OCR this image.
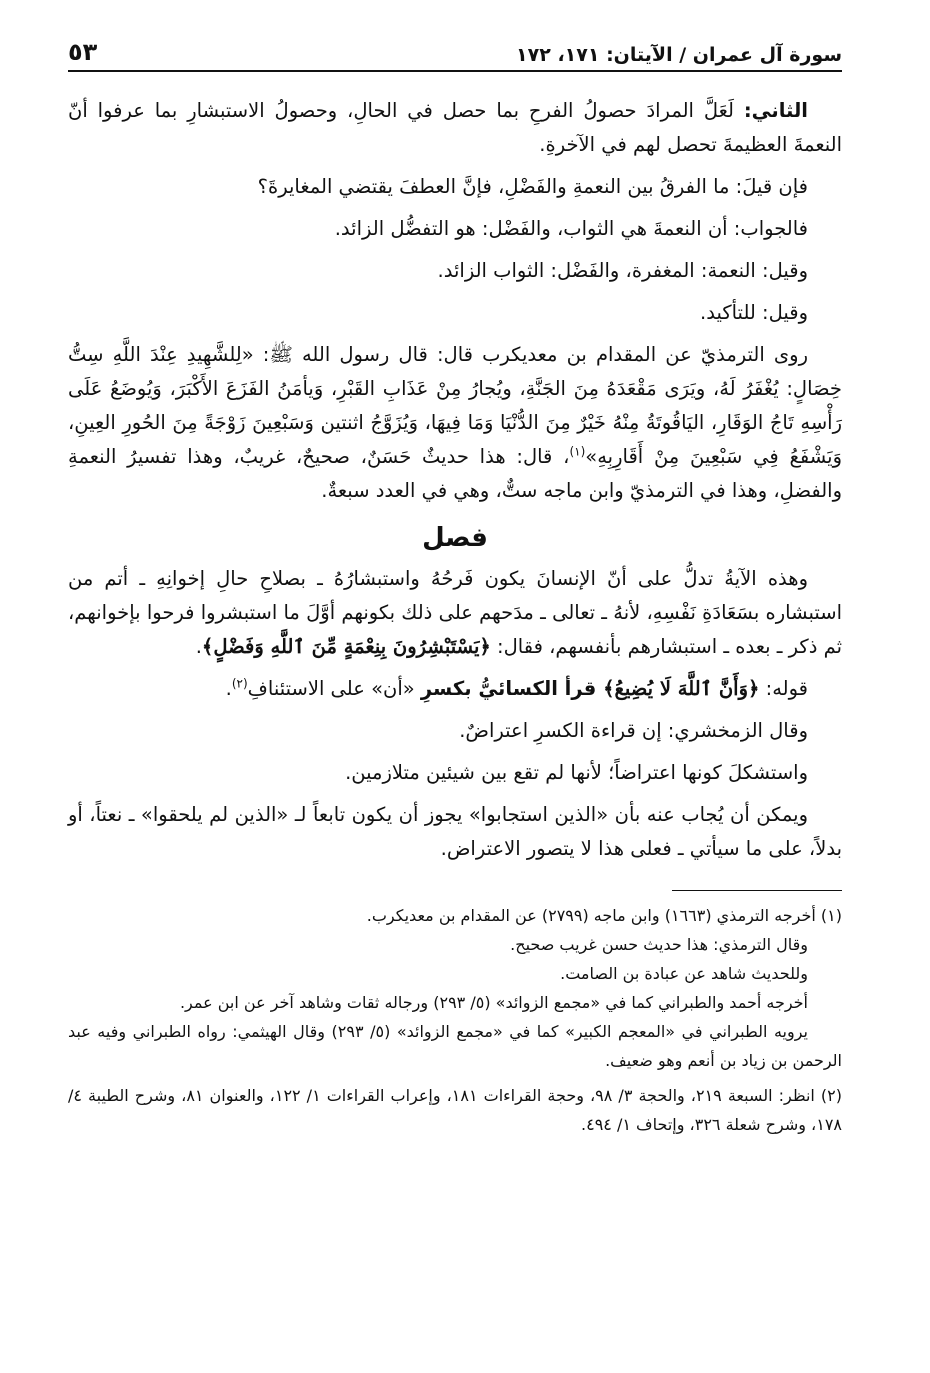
سورة آل عمران / الآيتان: ١٧١، ١٧٢
٥٣

الثاني: لَعَلَّ المرادَ حصولُ الفرحِ بما حصل في الحالِ، وحصولُ الاستبشارِ بما عرفوا أنّ النعمةَ العظيمةَ تحصل لهم في الآخرةِ.

فإن قيلَ: ما الفرقُ بين النعمةِ والفَضْلِ، فإنَّ العطفَ يقتضي المغايرةَ؟

فالجواب: أن النعمةَ هي الثواب، والفَضْل: هو التفضُّل الزائد.

وقيل: النعمة: المغفرة، والفَضْل: الثواب الزائد.

وقيل: للتأكيد.

روى الترمذيّ عن المقدام بن معديكرب قال: قال رسول الله ﷺ: «لِلشَّهِيدِ عِنْدَ اللَّهِ سِتُّ خِصَالٍ: يُغْفَرُ لَهُ، ويَرَى مَقْعَدَهُ مِنَ الجَنَّةِ، ويُجارُ مِنْ عَذَابِ القَبْرِ، وَيأمَنُ الفَزَعَ الأَكْبَرَ، وَيُوضَعُ عَلَى رَأْسِهِ تَاجُ الوَقَارِ، اليَاقُوتَةُ مِنْهُ خَيْرٌ مِنَ الدُّنْيَا وَمَا فِيهَا، وَيُزَوَّجُ اثنتين وَسَبْعِينَ زَوْجَةً مِنَ الحُورِ العِينِ، وَيَشْفَعُ فِي سَبْعِينَ مِنْ أَقَارِبِهِ»$^{(١)}$، قال: هذا حديثٌ حَسَنٌ، صحيحٌ، غريبٌ، وهذا تفسيرُ النعمةِ والفضلِ، وهذا في الترمذيّ وابن ماجه ستٌّ، وهي في العدد سبعةٌ.

فصل

وهذه الآيةُ تدلُّ على أنّ الإنسانَ يكون فَرحُهُ واستبشارُهُ ـ بصلاحِ حالِ إخوانِهِ ـ أتم من استبشاره بسَعَادَةِ نَفْسِهِ، لأنهُ ـ تعالى ـ مدَحهم على ذلك بكونهم أوَّلَ ما استبشروا فرحوا بإخوانهم، ثم ذكر ـ بعده ـ استبشارهم بأنفسهم، فقال: ﴿يَسْتَبْشِرُونَ بِنِعْمَةٍ مِّنَ ٱللَّهِ وَفَضْلٍ﴾.

قوله: ﴿وَأَنَّ ٱللَّهَ لَا يُضِيعُ﴾ قرأ الكسائيُّ بكسرِ «أن» على الاستئنافِ$^{(٢)}$.

وقال الزمخشري: إن قراءة الكسرِ اعتراضٌ.

واستشكلَ كونها اعتراضاً؛ لأنها لم تقع بين شيئين متلازمين.

ويمكن أن يُجاب عنه بأن «الذين استجابوا» يجوز أن يكون تابعاً لـ «الذين لم يلحقوا» ـ نعتاً، أو بدلاً، على ما سيأتي ـ فعلى هذا لا يتصور الاعتراض.

(١) أخرجه الترمذي (١٦٦٣) وابن ماجه (٢٧٩٩) عن المقدام بن معديكرب.

وقال الترمذي: هذا حديث حسن غريب صحيح.

وللحديث شاهد عن عبادة بن الصامت.

أخرجه أحمد والطبراني كما في «مجمع الزوائد» (٥/ ٢٩٣) ورجاله ثقات وشاهد آخر عن ابن عمر.

يرويه الطبراني في «المعجم الكبير» كما في «مجمع الزوائد» (٥/ ٢٩٣) وقال الهيثمي: رواه الطبراني وفيه عبد الرحمن بن زياد بن أنعم وهو ضعيف.

(٢) انظر: السبعة ٢١٩، والحجة ٣/ ٩٨، وحجة القراءات ١٨١، وإعراب القراءات ١/ ١٢٢، والعنوان ٨١، وشرح الطيبة ٤/ ١٧٨، وشرح شعلة ٣٢٦، وإتحاف ١/ ٤٩٤.
